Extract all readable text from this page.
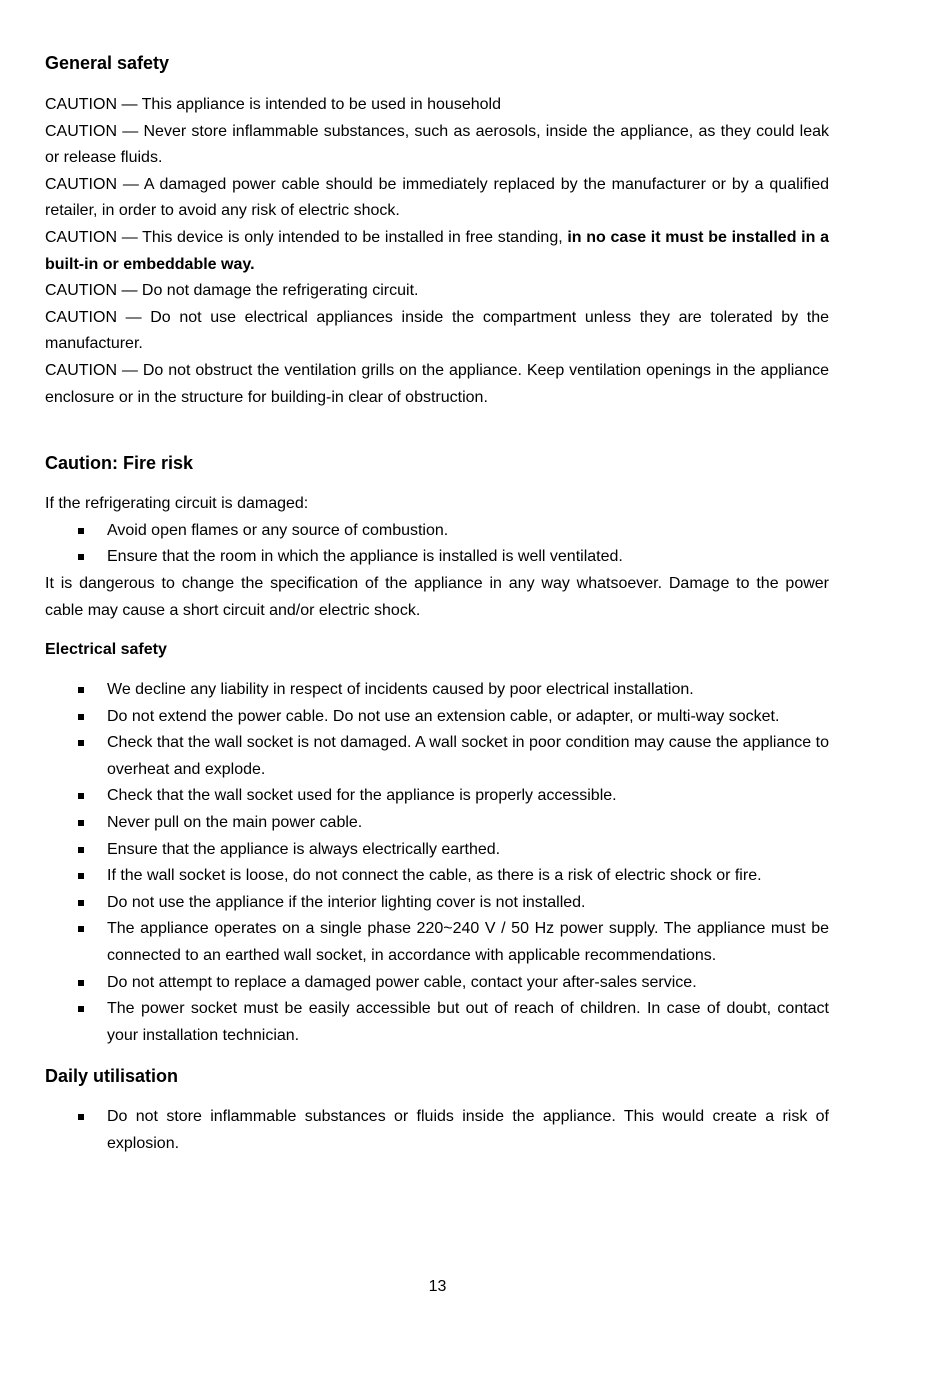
General safety

CAUTION — This appliance is intended to be used in household

CAUTION — Never store inflammable substances, such as aerosols, inside the appliance, as they could leak or release fluids.

CAUTION — A damaged power cable should be immediately replaced by the manufacturer or by a qualified retailer, in order to avoid any risk of electric shock.

CAUTION — This device is only intended to be installed in free standing, in no case it must be installed in a built-in or embeddable way.

CAUTION — Do not damage the refrigerating circuit.

CAUTION — Do not use electrical appliances inside the compartment unless they are tolerated by the manufacturer.

CAUTION — Do not obstruct the ventilation grills on the appliance. Keep ventilation openings in the appliance enclosure or in the structure for building-in clear of obstruction.

Caution: Fire risk

If the refrigerating circuit is damaged:

Avoid open flames or any source of combustion.
Ensure that the room in which the appliance is installed is well ventilated.

It is dangerous to change the specification of the appliance in any way whatsoever. Damage to the power cable may cause a short circuit and/or electric shock.

Electrical safety
We decline any liability in respect of incidents caused by poor electrical installation.
Do not extend the power cable. Do not use an extension cable, or adapter, or multi-way socket.
Check that the wall socket is not damaged. A wall socket in poor condition may cause the appliance to overheat and explode.
Check that the wall socket used for the appliance is properly accessible.
Never pull on the main power cable.
Ensure that the appliance is always electrically earthed.
If the wall socket is loose, do not connect the cable, as there is a risk of electric shock or fire.
Do not use the appliance if the interior lighting cover is not installed.
The appliance operates on a single phase 220~240 V / 50 Hz power supply. The appliance must be connected to an earthed wall socket, in accordance with applicable recommendations.
Do not attempt to replace a damaged power cable, contact your after-sales service.
The power socket must be easily accessible but out of reach of children. In case of doubt, contact your installation technician.
Daily utilisation
Do not store inflammable substances or fluids inside the appliance. This would create a risk of explosion.
13
